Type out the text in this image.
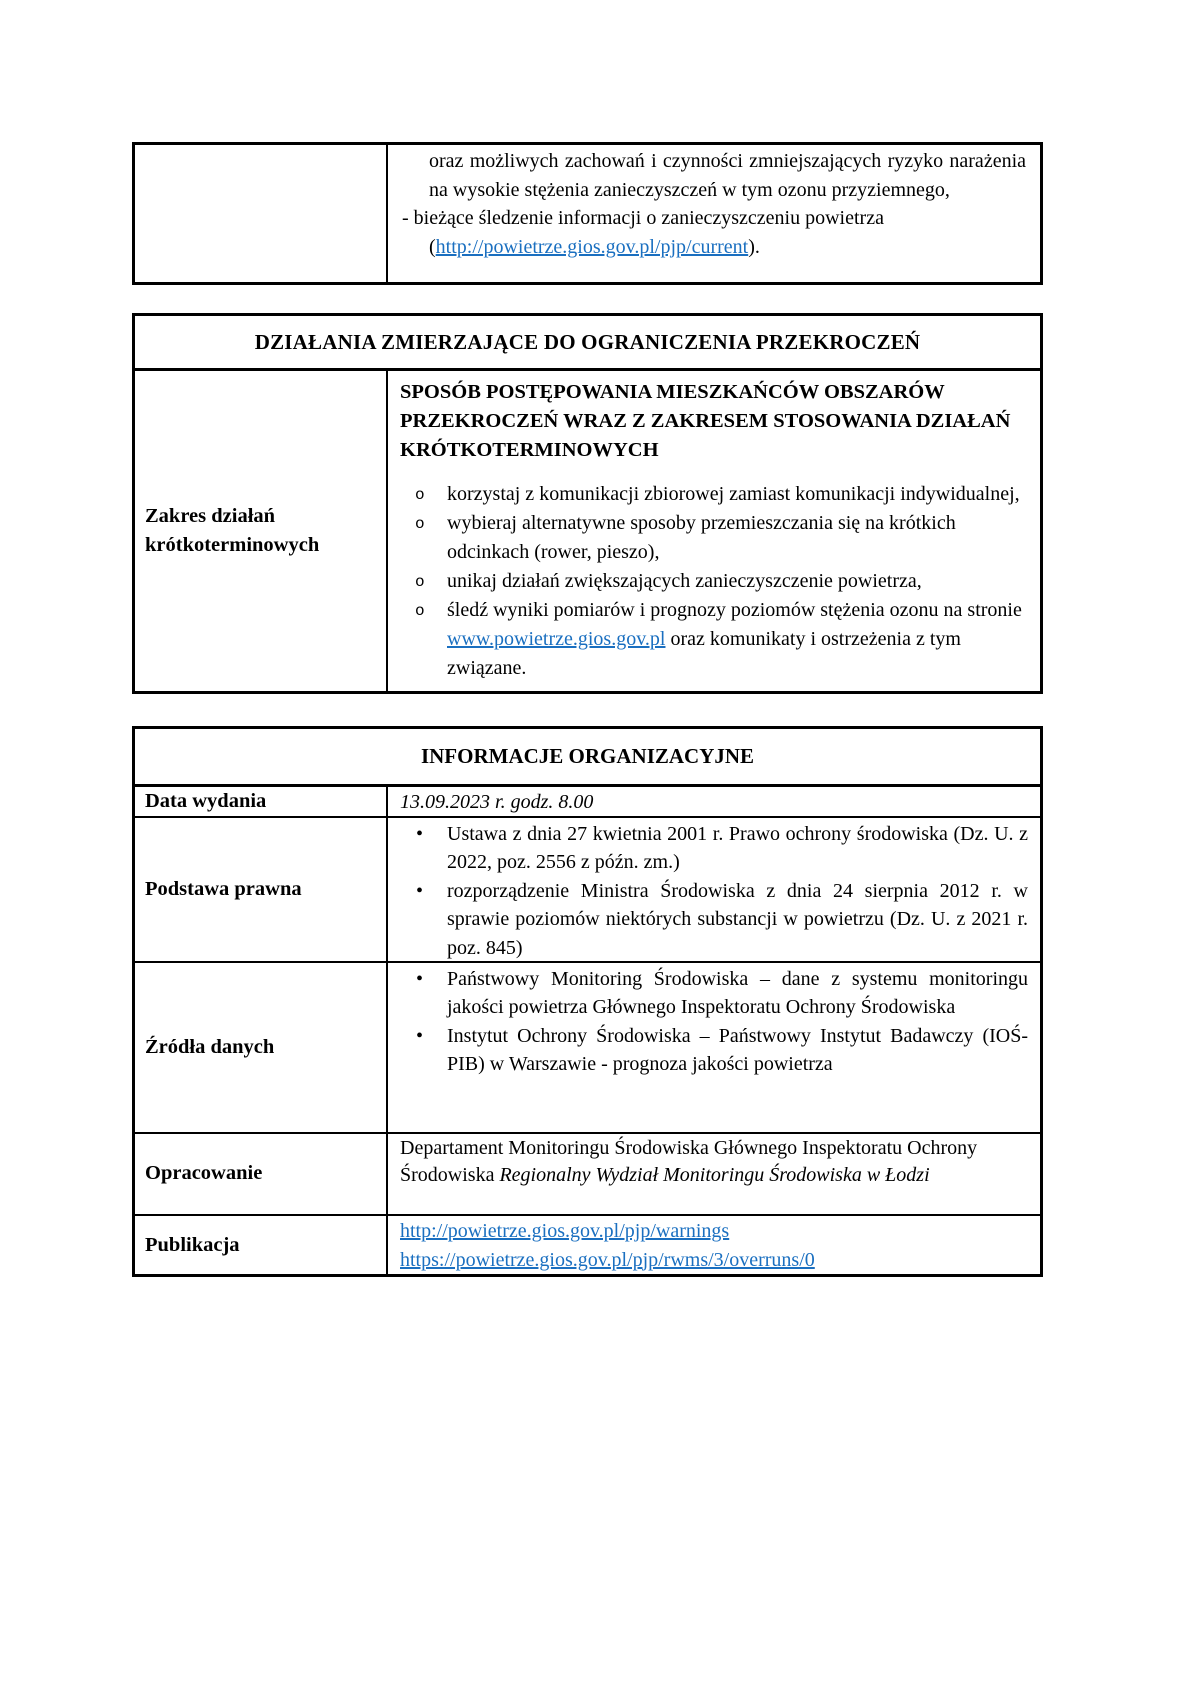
oraz możliwych zachowań i czynności zmniejszających ryzyko narażenia na wysokie stężenia zanieczyszczeń w tym ozonu przyziemnego,

- bieżące śledzenie informacji o zanieczyszczeniu powietrza
(http://powietrze.gios.gov.pl/pjp/current).

DZIAŁANIA ZMIERZAJĄCE DO OGRANICZENIA PRZEKROCZEŃ
Zakres działań krótkoterminowych

SPOSÓB POSTĘPOWANIA MIESZKAŃCÓW OBSZARÓW PRZEKROCZEŃ WRAZ Z ZAKRESEM STOSOWANIA DZIAŁAŃ KRÓTKOTERMINOWYCH

o korzystaj z komunikacji zbiorowej zamiast komunikacji indywidualnej,
o wybieraj alternatywne sposoby przemieszczania się na krótkich odcinkach (rower, pieszo),
o unikaj działań zwiększających zanieczyszczenie powietrza,
o śledź wyniki pomiarów i prognozy poziomów stężenia ozonu na stronie www.powietrze.gios.gov.pl oraz komunikaty i ostrzeżenia z tym związane.
INFORMACJE ORGANIZACYJNE
Data wydania	13.09.2023 r. godz. 8.00
Podstawa prawna
• Ustawa z dnia 27 kwietnia 2001 r. Prawo ochrony środowiska (Dz. U. z 2022, poz. 2556 z późn. zm.)
• rozporządzenie Ministra Środowiska z dnia 24 sierpnia 2012 r. w sprawie poziomów niektórych substancji w powietrzu (Dz. U. z 2021 r. poz. 845)
Źródła danych
• Państwowy Monitoring Środowiska – dane z systemu monitoringu jakości powietrza Głównego Inspektoratu Ochrony Środowiska
• Instytut Ochrony Środowiska – Państwowy Instytut Badawczy (IOŚ-PIB) w Warszawie - prognoza jakości powietrza
Opracowanie

Departament Monitoringu Środowiska Głównego Inspektoratu Ochrony Środowiska Regionalny Wydział Monitoringu Środowiska w Łodzi

Publikacja
http://powietrze.gios.gov.pl/pjp/warnings
https://powietrze.gios.gov.pl/pjp/rwms/3/overruns/0
